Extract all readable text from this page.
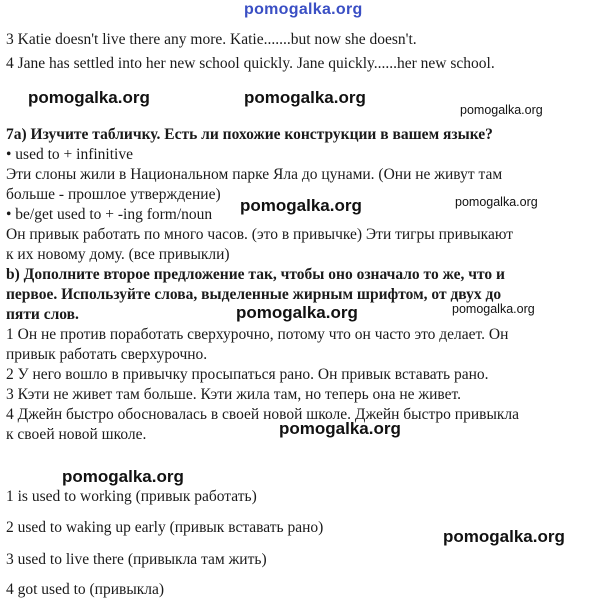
pomogalka.org
pomogalka.org	pomogalka.org
pomogalka.org
pomogalka.org	pomogalka.org
pomogalka.org	pomogalka.org
pomogalka.org
pomogalka.org
pomogalka.org
3 Katie doesn't live there any more. Katie.......but now she doesn't.
4 Jane has settled into her new school quickly. Jane quickly......her new school.
7a) Изучите табличку. Есть ли похожие конструкции в вашем языке?
• used to + infinitive
Эти слоны жили в Национальном парке Яла до цунами. (Они не живут там
больше - прошлое утверждение)
• be/get used to + -ing form/noun
Он привык работать по много часов. (это в привычке) Эти тигры привыкают
к их новому дому. (все привыкли)
b) Дополните второе предложение так, чтобы оно означало то же, что и
первое. Используйте слова, выделенные жирным шрифтом, от двух до
пяти слов.
1 Он не против поработать сверхурочно, потому что он часто это делает. Он
привык работать сверхурочно.
2 У него вошло в привычку просыпаться рано. Он привык вставать рано.
3 Кэти не живет там больше. Кэти жила там, но теперь она не живет.
4 Джейн быстро обосновалась в своей новой школе. Джейн быстро привыкла
к своей новой школе.
1 is used to working (привык работать)
2 used to waking up early (привык вставать рано)
3 used to live there (привыкла там жить)
4 got used to (привыкла)
